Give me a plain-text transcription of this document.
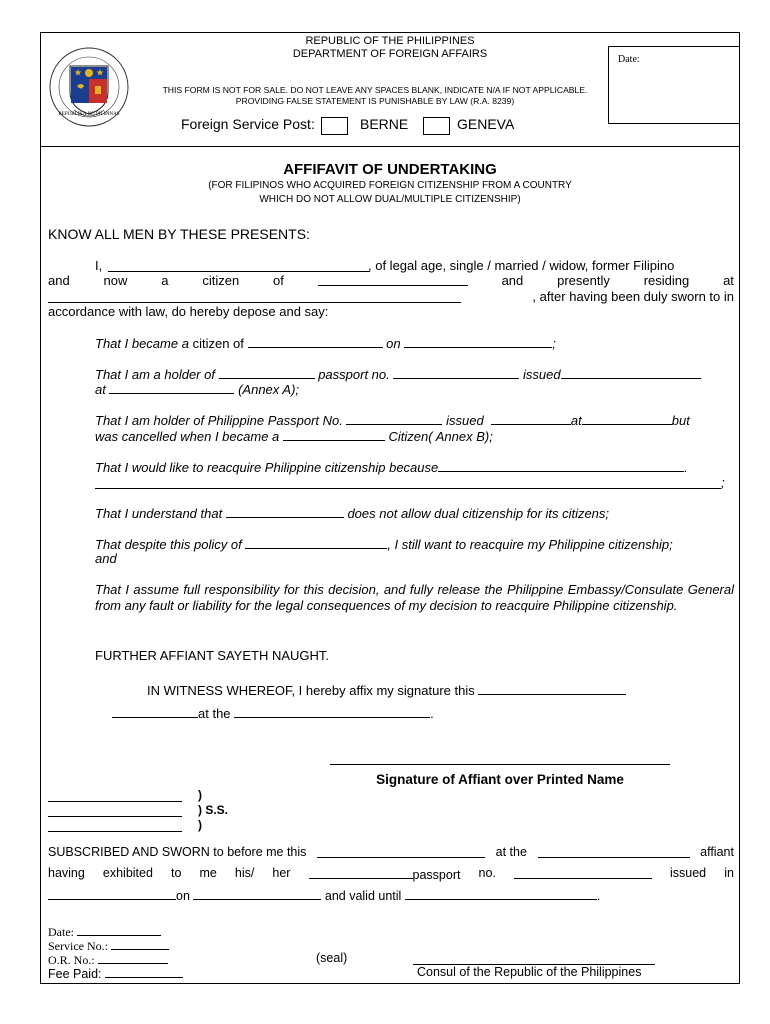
REPUBLIKA NG PILIPINAS
REPUBLIC OF THE PHILIPPINES
DEPARTMENT OF FOREIGN AFFAIRS	Date:
THIS FORM IS NOT FOR SALE. DO NOT LEAVE ANY SPACES BLANK, INDICATE N/A IF NOT APPLICABLE.
PROVIDING FALSE STATEMENT IS PUNISHABLE BY LAW (R.A. 8239)
Foreign Service Post:	BERNE	GENEVA
AFFIFAVIT OF UNDERTAKING
(FOR FILIPINOS WHO ACQUIRED FOREIGN CITIZENSHIP FROM A COUNTRY
WHICH DO NOT ALLOW DUAL/MULTIPLE CITIZENSHIP)
KNOW ALL MEN BY THESE PRESENTS:
I,	, of legal age, single / married / widow, former Filipino
and	now	a	citizen	of	and	presently	residing	at
, after having been duly sworn to in
accordance with law, do hereby depose and say:
That I became a citizen of	on	;
That I am a holder of	passport no.	issued
at	(Annex A);
That I am holder of Philippine Passport No.	issued	at	but
was cancelled when I became a	Citizen( Annex B);
That I would like to reacquire Philippine citizenship because	.
;
That I understand that	does not allow dual citizenship for its citizens;
That despite this policy of	, I still want to reacquire my Philippine citizenship;
and
That I assume full responsibility for this decision, and fully release the Philippine Embassy/Consulate General from any fault or liability for the legal consequences of my decision to reacquire Philippine citizenship.
FURTHER AFFIANT SAYETH NAUGHT.
IN WITNESS WHEREOF, I hereby affix my signature this
at the	.
Signature of Affiant over Printed Name
)
) S.S.
)
SUBSCRIBED AND SWORN to before me this	at the	affiant
having exhibited to me his/ her	passport no.	issued in
on	and valid until	.
Date:
Service No.:
O.R. No.:
Fee Paid:
(seal)
Consul of the Republic of the Philippines
